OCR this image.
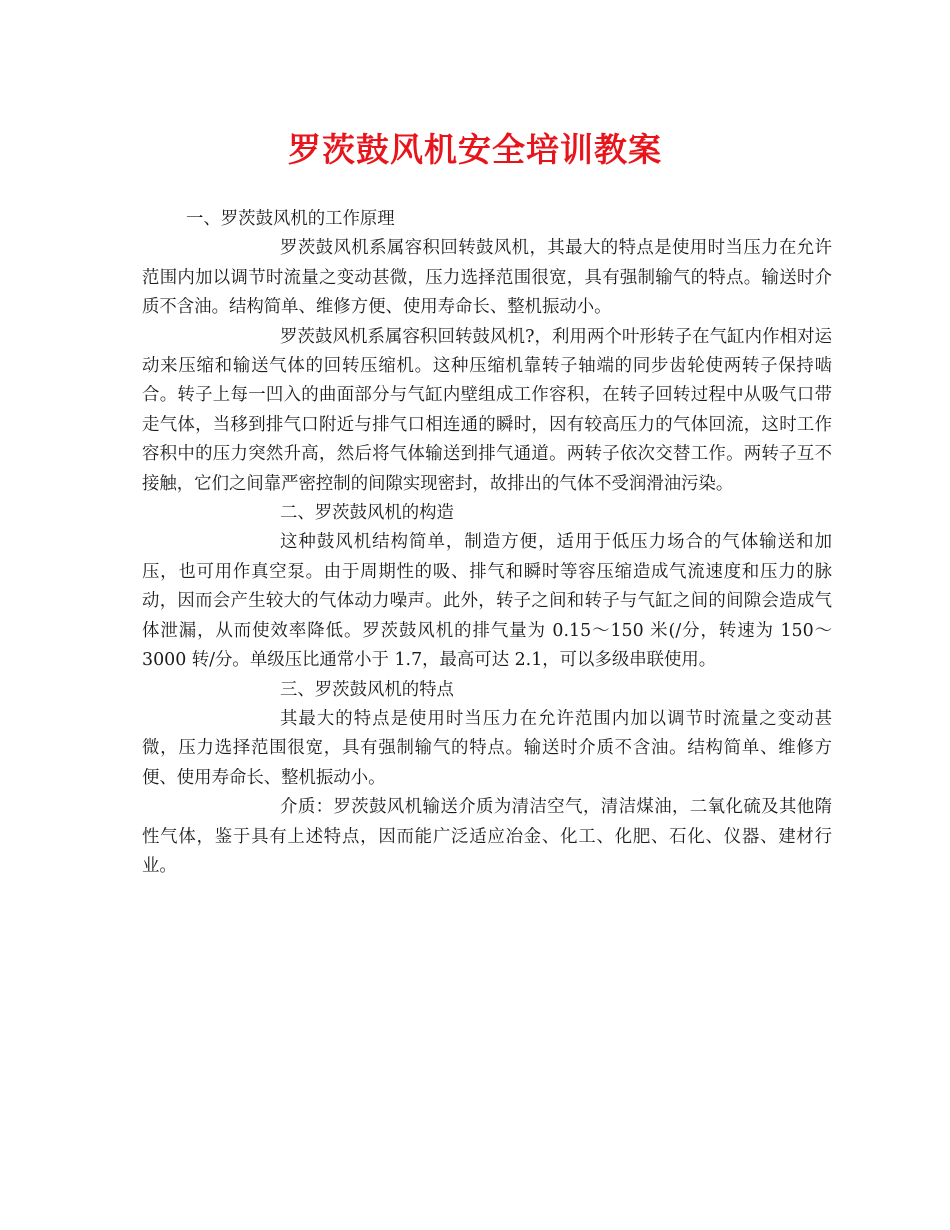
罗茨鼓风机安全培训教案

一、罗茨鼓风机的工作原理

罗茨鼓风机系属容积回转鼓风机，其最大的特点是使用时当压力在允许范围内加以调节时流量之变动甚微，压力选择范围很宽，具有强制输气的特点。输送时介质不含油。结构简单、维修方便、使用寿命长、整机振动小。

罗茨鼓风机系属容积回转鼓风机?，利用两个叶形转子在气缸内作相对运动来压缩和输送气体的回转压缩机。这种压缩机靠转子轴端的同步齿轮使两转子保持啮合。转子上每一凹入的曲面部分与气缸内壁组成工作容积，在转子回转过程中从吸气口带走气体，当移到排气口附近与排气口相连通的瞬时，因有较高压力的气体回流，这时工作容积中的压力突然升高，然后将气体输送到排气通道。两转子依次交替工作。两转子互不接触，它们之间靠严密控制的间隙实现密封，故排出的气体不受润滑油污染。

二、罗茨鼓风机的构造

这种鼓风机结构简单，制造方便，适用于低压力场合的气体输送和加压，也可用作真空泵。由于周期性的吸、排气和瞬时等容压缩造成气流速度和压力的脉动，因而会产生较大的气体动力噪声。此外，转子之间和转子与气缸之间的间隙会造成气体泄漏，从而使效率降低。罗茨鼓风机的排气量为 0.15～150 米(/分，转速为 150～3000 转/分。单级压比通常小于 1.7，最高可达 2.1，可以多级串联使用。

三、罗茨鼓风机的特点

其最大的特点是使用时当压力在允许范围内加以调节时流量之变动甚微，压力选择范围很宽，具有强制输气的特点。输送时介质不含油。结构简单、维修方便、使用寿命长、整机振动小。

介质：罗茨鼓风机输送介质为清洁空气，清洁煤油，二氧化硫及其他隋性气体，鉴于具有上述特点，因而能广泛适应冶金、化工、化肥、石化、仪器、建材行业。
